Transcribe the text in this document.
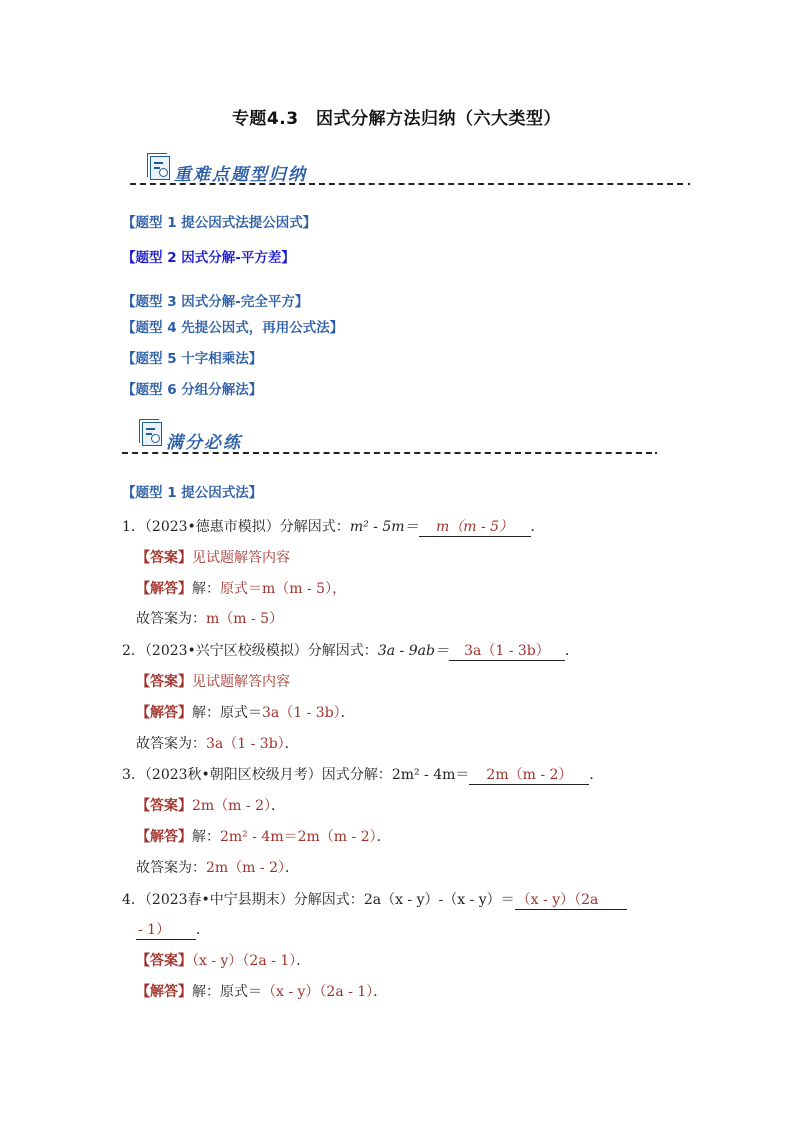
专题4.3　因式分解方法归纳（六大类型）
重难点题型归纳
【题型 1 提公因式法提公因式】
【题型 2 因式分解-平方差】
【题型 3 因式分解-完全平方】
【题型 4 先提公因式，再用公式法】
【题型 5 十字相乘法】
【题型 6 分组分解法】
满分必练
【题型 1 提公因式法】
1．（2023•德惠市模拟）分解因式：m² - 5m＝ m（m - 5） ．
【答案】见试题解答内容
【解答】解：原式＝m（m - 5），
故答案为：m（m - 5）
2．（2023•兴宁区校级模拟）分解因式：3a - 9ab＝ 3a（1 - 3b） ．
【答案】见试题解答内容
【解答】解：原式＝3a（1 - 3b）．
故答案为：3a（1 - 3b）．
3．（2023秋•朝阳区校级月考）因式分解：2m² - 4m＝ 2m（m - 2） ．
【答案】2m（m - 2）．
【解答】解：2m² - 4m＝2m（m - 2）．
故答案为：2m（m - 2）．
4．（2023春•中宁县期末）分解因式：2a（x - y）-（x - y）＝ （x - y）（2a
- 1） ．
【答案】（x - y）（2a - 1）．
【解答】解：原式＝（x - y）（2a - 1）．
